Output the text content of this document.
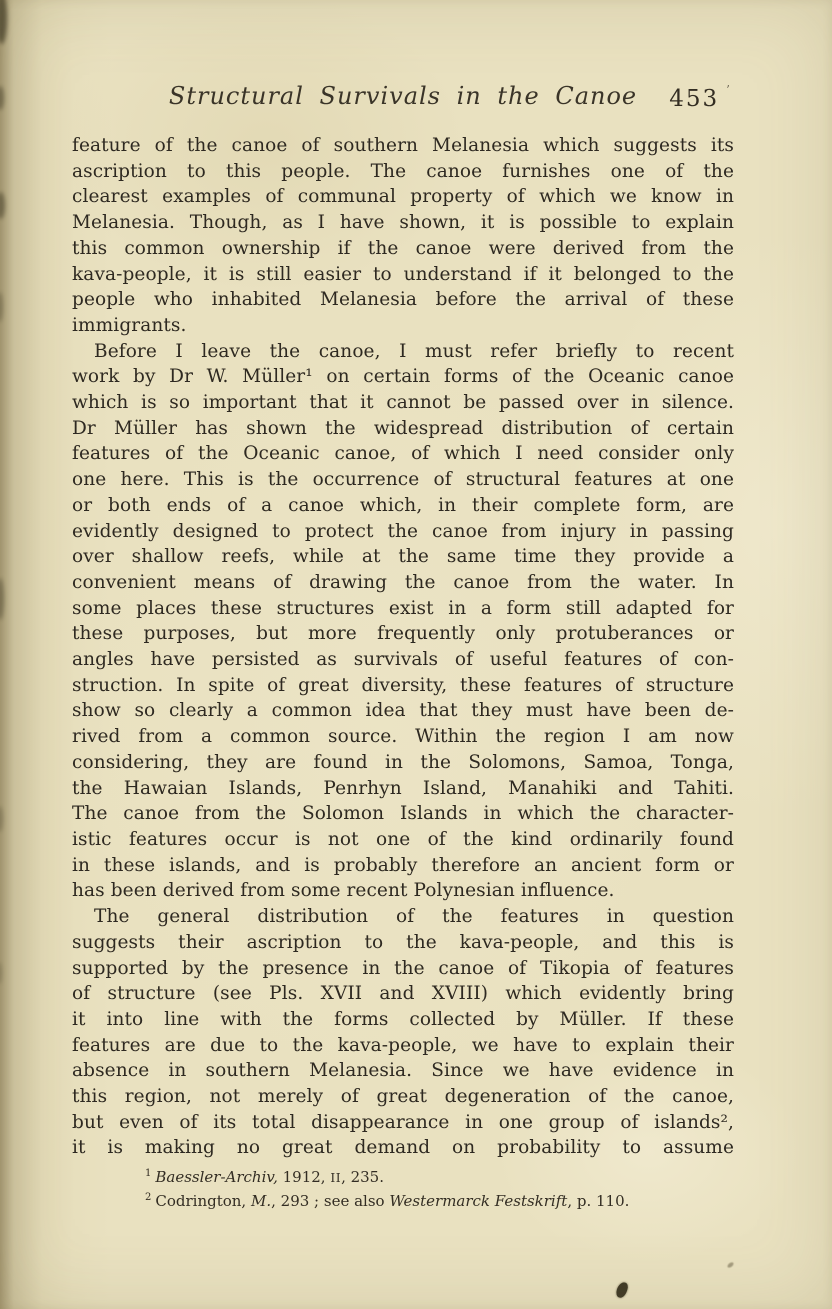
Structural Survivals in the Canoe	453 ’
feature of the canoe of southern Melanesia which suggests its
ascription to this people. The canoe furnishes one of the
clearest examples of communal property of which we know in
Melanesia. Though, as I have shown, it is possible to explain
this common ownership if the canoe were derived from the
kava-people, it is still easier to understand if it belonged to the
people who inhabited Melanesia before the arrival of these
immigrants.
Before I leave the canoe, I must refer briefly to recent
work by Dr W. Müller¹ on certain forms of the Oceanic canoe
which is so important that it cannot be passed over in silence.
Dr Müller has shown the widespread distribution of certain
features of the Oceanic canoe, of which I need consider only
one here. This is the occurrence of structural features at one
or both ends of a canoe which, in their complete form, are
evidently designed to protect the canoe from injury in passing
over shallow reefs, while at the same time they provide a
convenient means of drawing the canoe from the water. In
some places these structures exist in a form still adapted for
these purposes, but more frequently only protuberances or
angles have persisted as survivals of useful features of con-
struction. In spite of great diversity, these features of structure
show so clearly a common idea that they must have been de-
rived from a common source. Within the region I am now
considering, they are found in the Solomons, Samoa, Tonga,
the Hawaian Islands, Penrhyn Island, Manahiki and Tahiti.
The canoe from the Solomon Islands in which the character-
istic features occur is not one of the kind ordinarily found
in these islands, and is probably therefore an ancient form or
has been derived from some recent Polynesian influence.
The general distribution of the features in question
suggests their ascription to the kava-people, and this is
supported by the presence in the canoe of Tikopia of features
of structure (see Pls. XVII and XVIII) which evidently bring
it into line with the forms collected by Müller. If these
features are due to the kava-people, we have to explain their
absence in southern Melanesia. Since we have evidence in
this region, not merely of great degeneration of the canoe,
but even of its total disappearance in one group of islands²,
it is making no great demand on probability to assume
$^1$ Baessler-Archiv, 1912, II, 235.
$^2$ Codrington, M., 293 ; see also Westermarck Festskrift, p. 110.
